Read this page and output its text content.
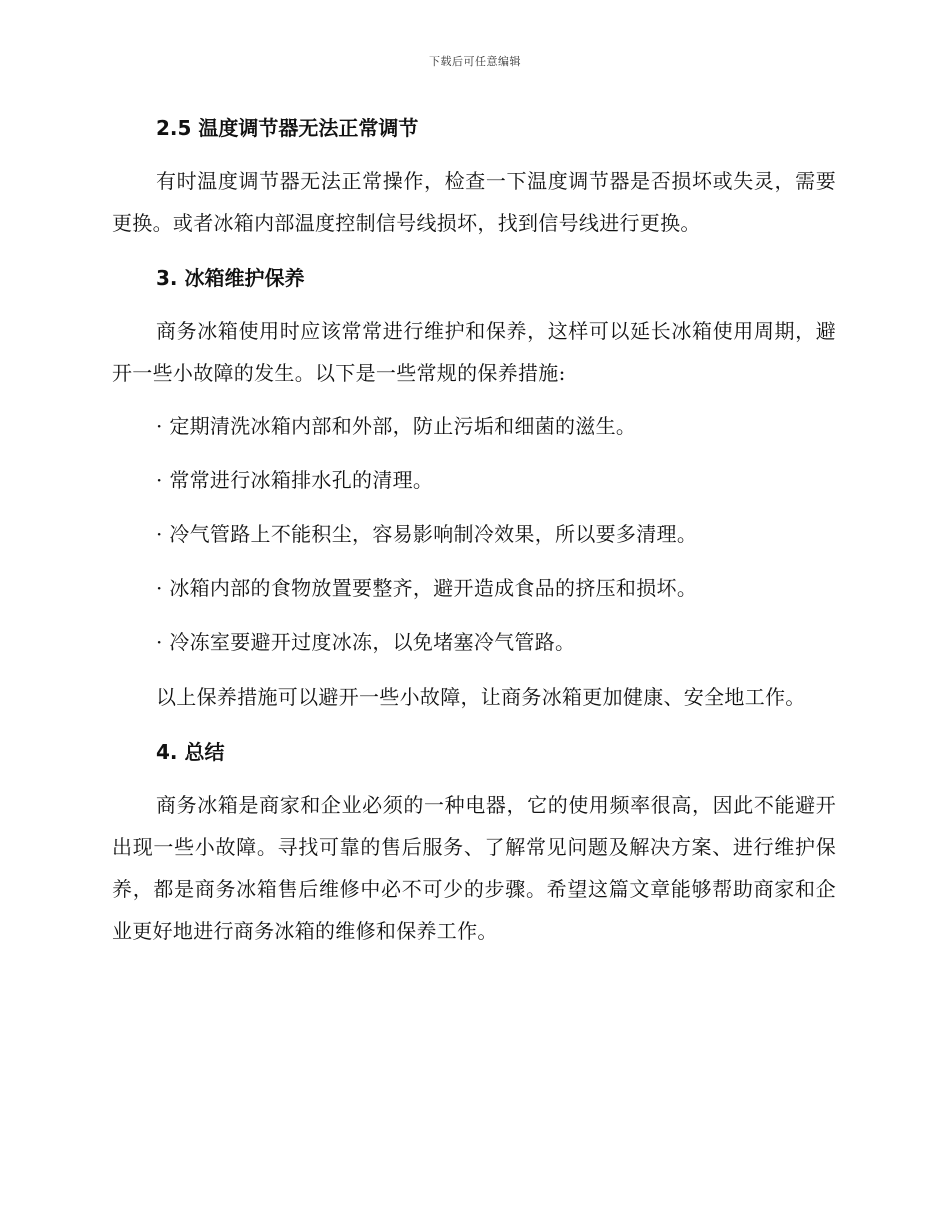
下载后可任意编辑
2.5 温度调节器无法正常调节

有时温度调节器无法正常操作，检查一下温度调节器是否损坏或失灵，需要更换。或者冰箱内部温度控制信号线损坏，找到信号线进行更换。

3. 冰箱维护保养

商务冰箱使用时应该常常进行维护和保养，这样可以延长冰箱使用周期，避开一些小故障的发生。以下是一些常规的保养措施:

· 定期清洗冰箱内部和外部，防止污垢和细菌的滋生。

· 常常进行冰箱排水孔的清理。

· 冷气管路上不能积尘，容易影响制冷效果，所以要多清理。

· 冰箱内部的食物放置要整齐，避开造成食品的挤压和损坏。

· 冷冻室要避开过度冰冻，以免堵塞冷气管路。

以上保养措施可以避开一些小故障，让商务冰箱更加健康、安全地工作。

4. 总结

商务冰箱是商家和企业必须的一种电器，它的使用频率很高，因此不能避开出现一些小故障。寻找可靠的售后服务、了解常见问题及解决方案、进行维护保养，都是商务冰箱售后维修中必不可少的步骤。希望这篇文章能够帮助商家和企业更好地进行商务冰箱的维修和保养工作。
